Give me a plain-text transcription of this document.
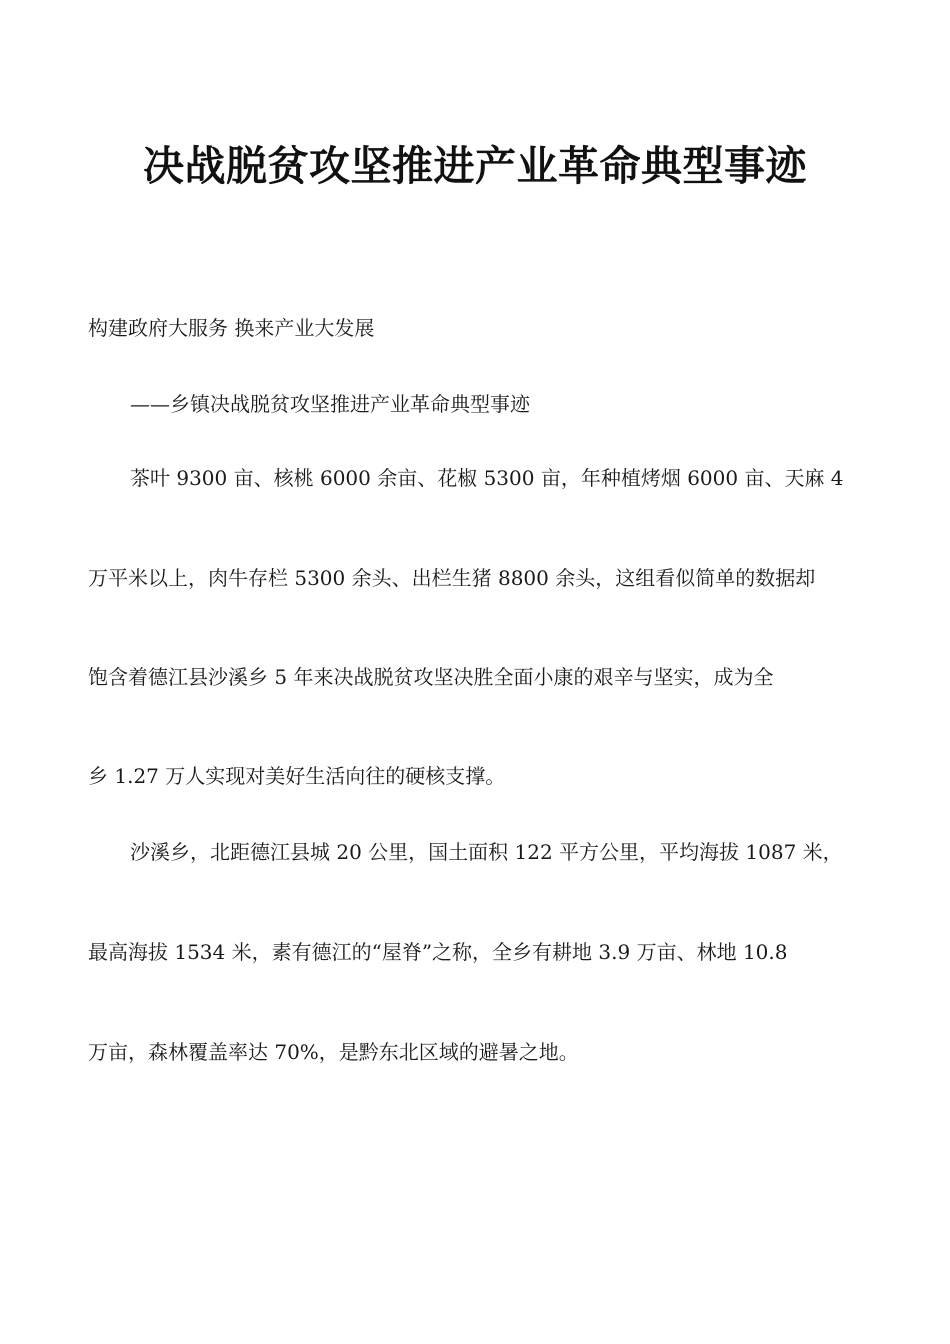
决战脱贫攻坚推进产业革命典型事迹

构建政府大服务 换来产业大发展

——乡镇决战脱贫攻坚推进产业革命典型事迹

茶叶 9300 亩、核桃 6000 余亩、花椒 5300 亩，年种植烤烟 6000 亩、天麻 4

万平米以上，肉牛存栏 5300 余头、出栏生猪 8800 余头，这组看似简单的数据却

饱含着德江县沙溪乡 5 年来决战脱贫攻坚决胜全面小康的艰辛与坚实，成为全

乡 1.27 万人实现对美好生活向往的硬核支撑。

沙溪乡，北距德江县城 20 公里，国土面积 122 平方公里，平均海拔 1087 米，

最高海拔 1534 米，素有德江的“屋脊”之称，全乡有耕地 3.9 万亩、林地 10.8

万亩，森林覆盖率达 70%，是黔东北区域的避暑之地。
